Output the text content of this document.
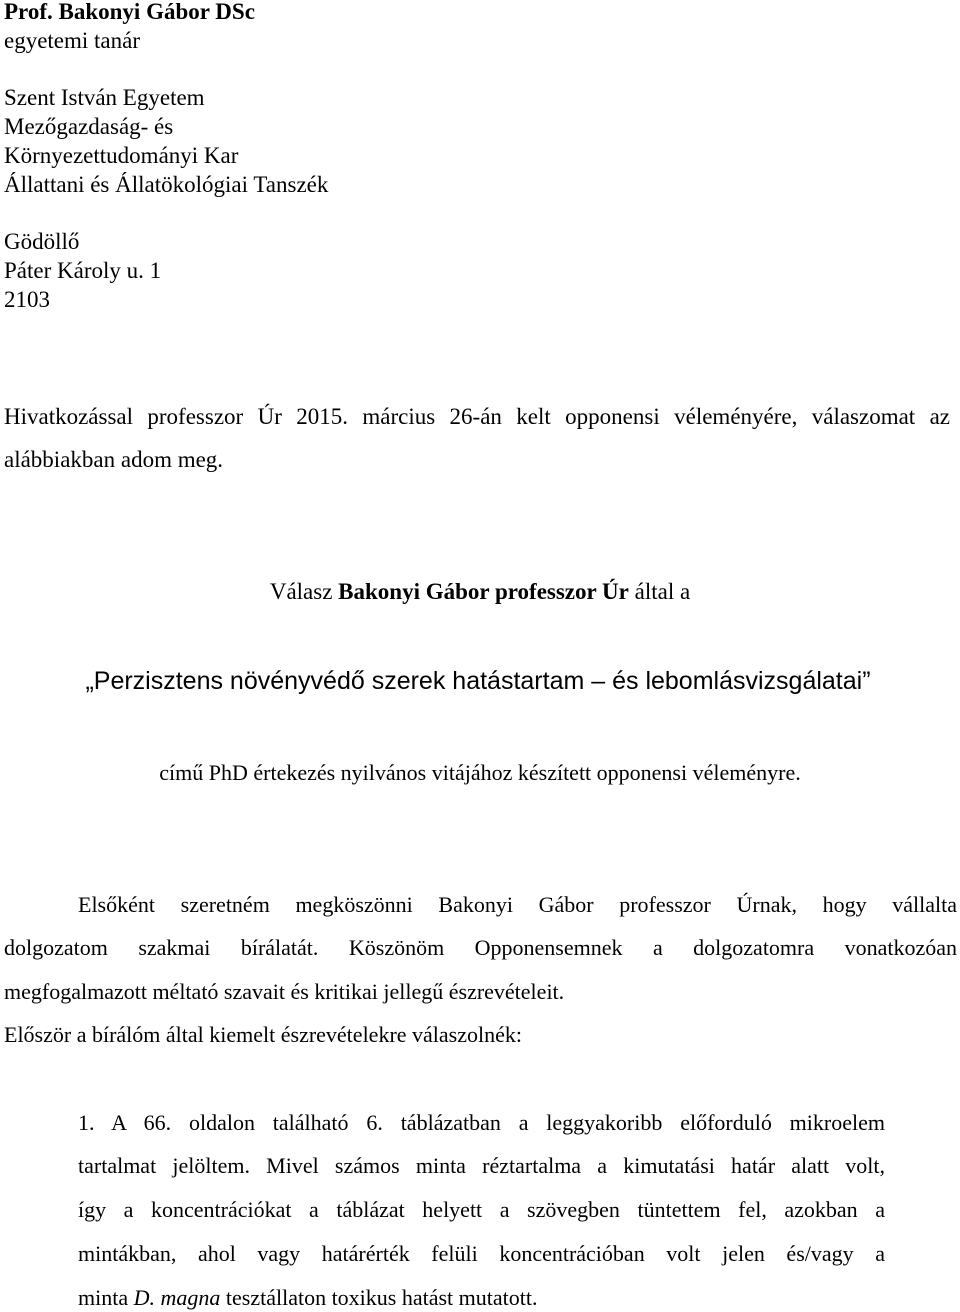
Prof. Bakonyi Gábor DSc
egyetemi tanár
Szent István Egyetem
Mezőgazdaság- és
Környezettudományi Kar
Állattani és Állatökológiai Tanszék
Gödöllő
Páter Károly u. 1
2103
Hivatkozással professzor Úr 2015. március 26-án kelt opponensi véleményére, válaszomat az
alábbiakban adom meg.
Válasz Bakonyi Gábor professzor Úr által a
„Perzisztens növényvédő szerek hatástartam – és lebomlásvizsgálatai”
című PhD értekezés nyilvános vitájához készített opponensi véleményre.
Elsőként szeretném megköszönni Bakonyi Gábor professzor Úrnak, hogy vállalta
dolgozatom szakmai bírálatát. Köszönöm Opponensemnek a dolgozatomra vonatkozóan
megfogalmazott méltató szavait és kritikai jellegű észrevételeit.
Először a bírálóm által kiemelt észrevételekre válaszolnék:
1. A 66. oldalon található 6. táblázatban a leggyakoribb előforduló mikroelem
tartalmat jelöltem. Mivel számos minta réztartalma a kimutatási határ alatt volt,
így a koncentrációkat a táblázat helyett a szövegben tüntettem fel, azokban a
mintákban, ahol vagy határérték felüli koncentrációban volt jelen és/vagy a
minta D. magna tesztállaton toxikus hatást mutatott.
